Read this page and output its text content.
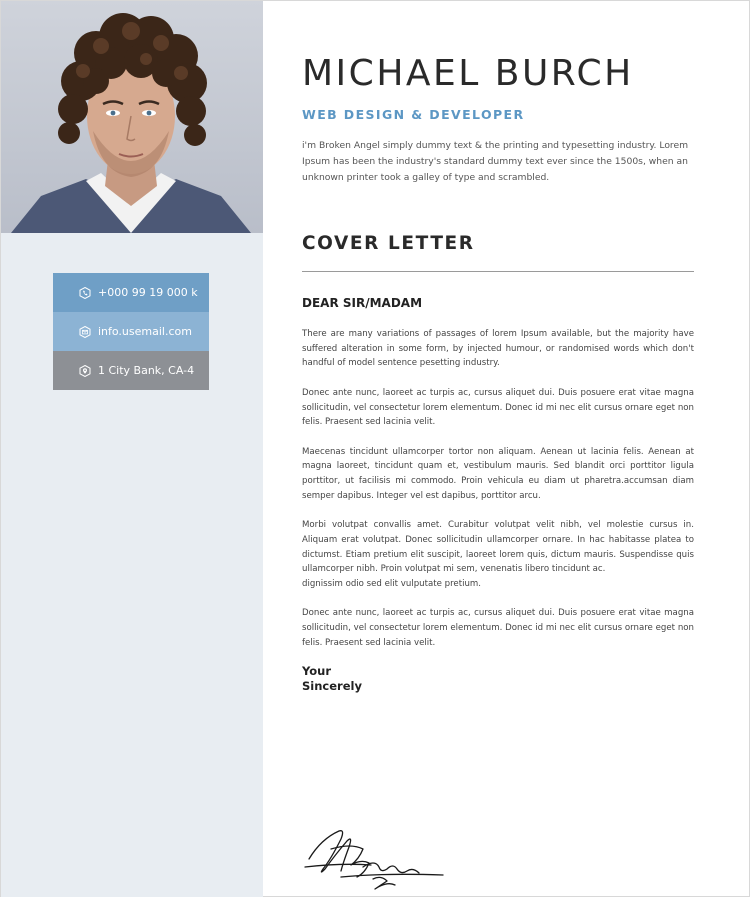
+000 99 19 000 k
info.usemail.com
1 City Bank, CA-4
MICHAEL BURCH
WEB DESIGN & DEVELOPER

i'm Broken Angel simply dummy text & the printing and typesetting industry. Lorem Ipsum has been the industry's standard dummy text ever since the 1500s, when an unknown printer took a galley of type and scrambled.

COVER LETTER
DEAR SIR/MADAM

There are many variations of passages of lorem Ipsum available, but the majority have suffered alteration in some form, by injected humour, or randomised words which don't handful of model sentence pesetting industry.

Donec ante nunc, laoreet ac turpis ac, cursus aliquet dui. Duis posuere erat vitae magna sollicitudin, vel consectetur lorem elementum. Donec id mi nec elit cursus ornare eget non felis. Praesent sed lacinia velit.

Maecenas tincidunt ullamcorper tortor non aliquam. Aenean ut lacinia felis. Aenean at magna laoreet, tincidunt quam et, vestibulum mauris. Sed blandit orci porttitor ligula porttitor, ut facilisis mi commodo. Proin vehicula eu diam ut pharetra.accumsan diam semper dapibus. Integer vel est dapibus, porttitor arcu.

Morbi volutpat convallis amet. Curabitur volutpat velit nibh, vel molestie cursus in. Aliquam erat volutpat. Donec sollicitudin ullamcorper ornare. In hac habitasse platea to dictumst. Etiam pretium elit suscipit, laoreet lorem quis, dictum mauris. Suspendisse quis ullamcorper nibh. Proin volutpat mi sem, venenatis libero tincidunt ac.
dignissim odio sed elit vulputate pretium.

Donec ante nunc, laoreet ac turpis ac, cursus aliquet dui. Duis posuere erat vitae magna sollicitudin, vel consectetur lorem elementum. Donec id mi nec elit cursus ornare eget non felis. Praesent sed lacinia velit.

Your
Sincerely
